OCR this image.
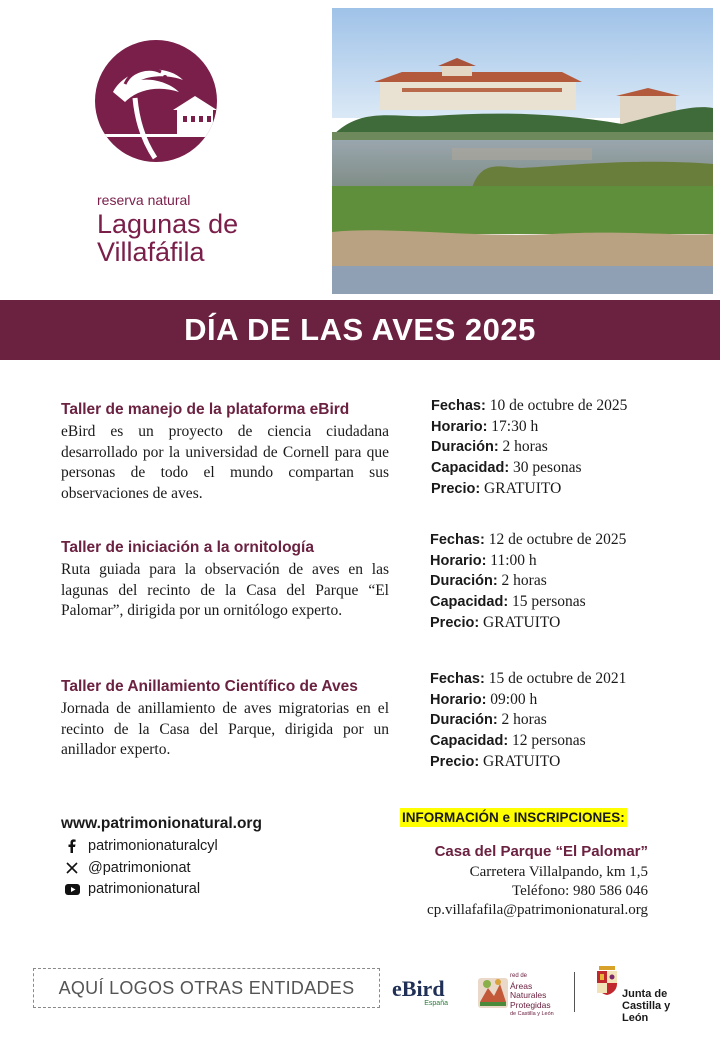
reserva natural
Lagunas de
Villafáfila
DÍA DE LAS AVES 2025
Taller de manejo de la plataforma eBird
eBird es un proyecto de ciencia ciudadana desarrollado por la universidad de Cornell para que personas de todo el mundo compartan sus observaciones de aves.
Fechas: 10 de octubre de 2025
Horario: 17:30 h
Duración: 2 horas
Capacidad: 30 pesonas
Precio: GRATUITO
Taller de iniciación a la ornitología
Ruta guiada para la observación de aves en las lagunas del recinto de la Casa del Parque “El Palomar”, dirigida por un ornitólogo experto.
Fechas: 12 de octubre de 2025
Horario: 11:00 h
Duración: 2 horas
Capacidad: 15 personas
Precio: GRATUITO
Taller de Anillamiento Científico de Aves
Jornada de anillamiento de aves migratorias en el recinto de la Casa del Parque, dirigida por un anillador experto.
Fechas: 15 de octubre de 2021
Horario: 09:00 h
Duración: 2 horas
Capacidad: 12 personas
Precio: GRATUITO
www.patrimonionatural.org
patrimonionaturalcyl
@patrimonionat
patrimonionatural
INFORMACIÓN e INSCRIPCIONES:
Casa del Parque “El Palomar”
Carretera Villalpando, km 1,5
Teléfono: 980 586 046
cp.villafafila@patrimonionatural.org
AQUÍ LOGOS OTRAS ENTIDADES	eBird
España
red de
Áreas
Naturales
Protegidas
de Castilla y León
Junta de
Castilla y León
